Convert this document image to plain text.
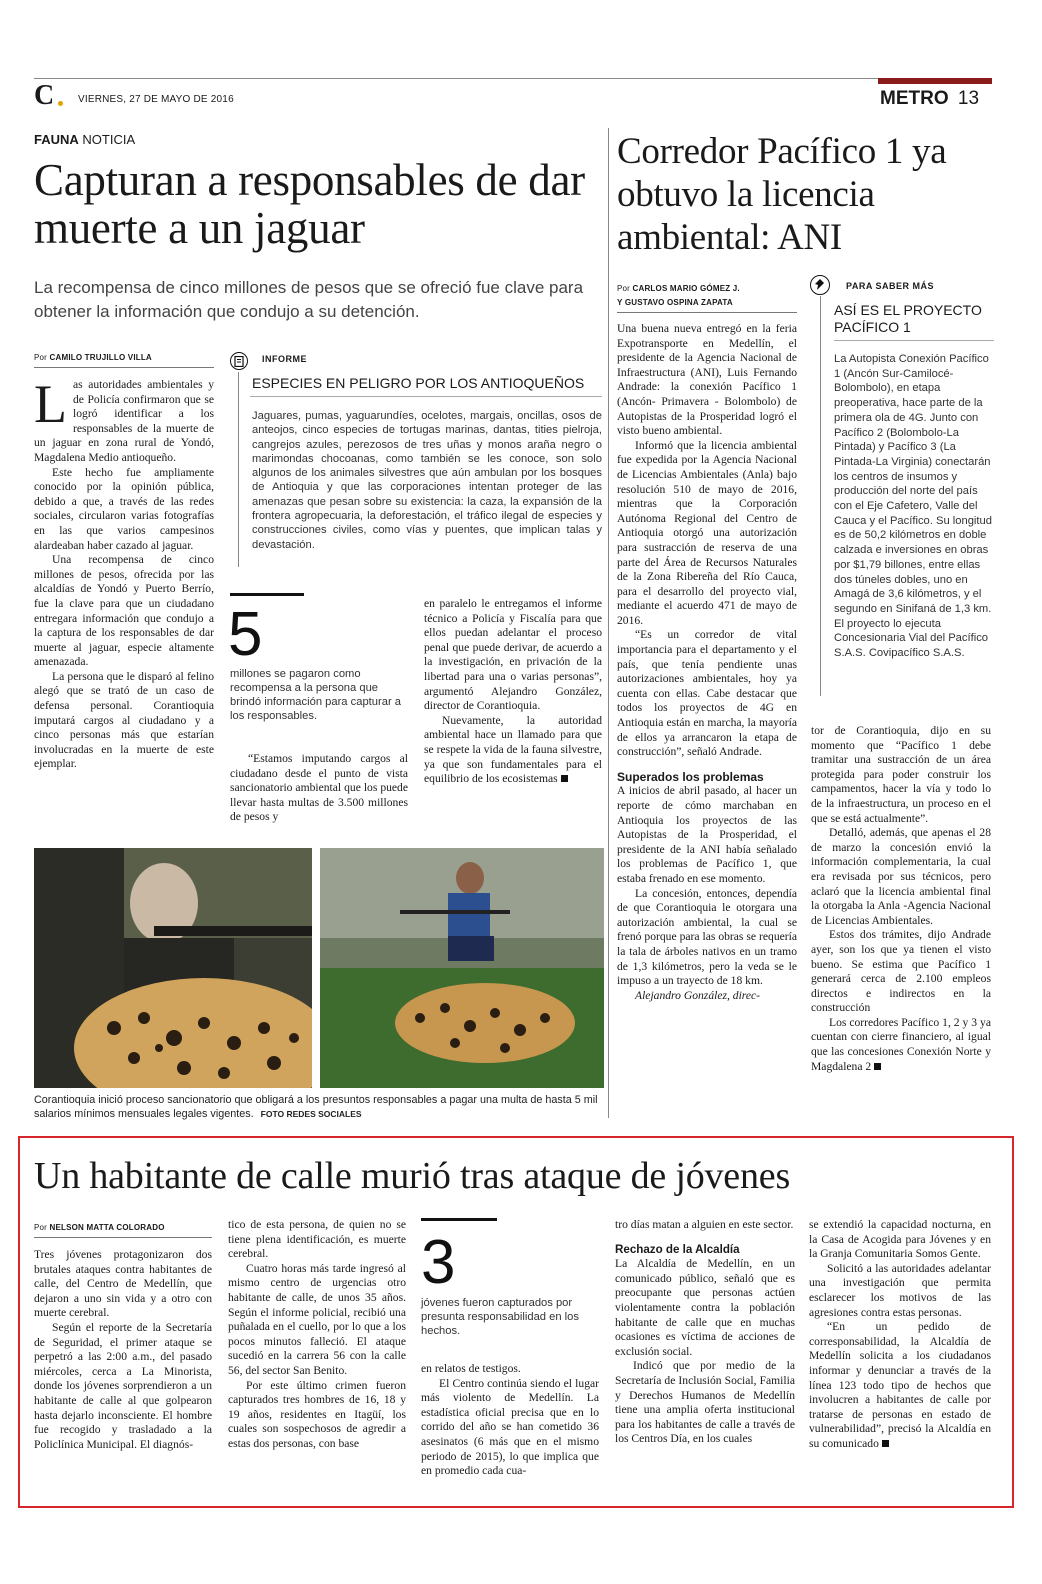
C VIERNES, 27 DE MAYO DE 2016	METRO 13
FAUNA NOTICIA
Capturan a responsables de dar muerte a un jaguar
La recompensa de cinco millones de pesos que se ofreció fue clave para obtener la información que condujo a su detención.
Por CAMILO TRUJILLO VILLA

Las autoridades ambientales y de Policía confirmaron que se logró identificar a los responsables de la muerte de un jaguar en zona rural de Yondó, Magdalena Medio antioqueño.

Este hecho fue ampliamente conocido por la opinión pública, debido a que, a través de las redes sociales, circularon varias fotografías en las que varios campesinos alardeaban haber cazado al jaguar.

Una recompensa de cinco millones de pesos, ofrecida por las alcaldías de Yondó y Puerto Berrío, fue la clave para que un ciudadano entregara información que condujo a la captura de los responsables de dar muerte al jaguar, especie altamente amenazada.

La persona que le disparó al felino alegó que se trató de un caso de defensa personal. Corantioquia imputará cargos al ciudadano y a cinco personas más que estarían involucradas en la muerte de este ejemplar.

INFORME
ESPECIES EN PELIGRO POR LOS ANTIOQUEÑOS
Jaguares, pumas, yaguarundíes, ocelotes, margais, oncillas, osos de anteojos, cinco especies de tortugas marinas, dantas, tities pielroja, cangrejos azules, perezosos de tres uñas y monos araña negro o marimondas chocoanas, como también se les conoce, son solo algunos de los animales silvestres que aún ambulan por los bosques de Antioquia y que las corporaciones intentan proteger de las amenazas que pesan sobre su existencia: la caza, la expansión de la frontera agropecuaria, la deforestación, el tráfico ilegal de especies y construcciones civiles, como vías y puentes, que implican talas y devastación.
5
millones se pagaron como recompensa a la persona que brindó información para capturar a los responsables.

“Estamos imputando cargos al ciudadano desde el punto de vista sancionatorio ambiental que los puede llevar hasta multas de 3.500 millones de pesos y

en paralelo le entregamos el informe técnico a Policía y Fiscalía para que ellos puedan adelantar el proceso penal que puede derivar, de acuerdo a la investigación, en privación de la libertad para una o varias personas”, argumentó Alejandro González, director de Corantioquia.

Nuevamente, la autoridad ambiental hace un llamado para que se respete la vida de la fauna silvestre, ya que son fundamentales para el equilibrio de los ecosistemas

Corantioquia inició proceso sancionatorio que obligará a los presuntos responsables a pagar una multa de hasta 5 mil salarios mínimos mensuales legales vigentes. FOTO REDES SOCIALES
Corredor Pacífico 1 ya obtuvo la licencia ambiental: ANI
Por CARLOS MARIO GÓMEZ J.
Y GUSTAVO OSPINA ZAPATA

Una buena nueva entregó en la feria Expotransporte en Medellín, el presidente de la Agencia Nacional de Infraestructura (ANI), Luis Fernando Andrade: la conexión Pacífico 1 (Ancón- Primavera - Bolombolo) de Autopistas de la Prosperidad logró el visto bueno ambiental.

Informó que la licencia ambiental fue expedida por la Agencia Nacional de Licencias Ambientales (Anla) bajo resolución 510 de mayo de 2016, mientras que la Corporación Autónoma Regional del Centro de Antioquia otorgó una autorización para sustracción de reserva de una parte del Área de Recursos Naturales de la Zona Ribereña del Río Cauca, para el desarrollo del proyecto vial, mediante el acuerdo 471 de mayo de 2016.

“Es un corredor de vital importancia para el departamento y el país, que tenía pendiente unas autorizaciones ambientales, hoy ya cuenta con ellas. Cabe destacar que todos los proyectos de 4G en Antioquia están en marcha, la mayoría de ellos ya arrancaron la etapa de construcción”, señaló Andrade.

Superados los problemas

A inicios de abril pasado, al hacer un reporte de cómo marchaban en Antioquia los proyectos de las Autopistas de la Prosperidad, el presidente de la ANI había señalado los problemas de Pacífico 1, que estaba frenado en ese momento.

La concesión, entonces, dependía de que Corantioquia le otorgara una autorización ambiental, la cual se frenó porque para las obras se requería la tala de árboles nativos en un tramo de 1,3 kilómetros, pero la veda se le impuso a un trayecto de 18 km.

Alejandro González, direc-

PARA SABER MÁS
ASÍ ES EL PROYECTO PACÍFICO 1
La Autopista Conexión Pacífico 1 (Ancón Sur-Camilocé-Bolombolo), en etapa preoperativa, hace parte de la primera ola de 4G. Junto con Pacífico 2 (Bolombolo-La Pintada) y Pacífico 3 (La Pintada-La Virginia) conectarán los centros de insumos y producción del norte del país con el Eje Cafetero, Valle del Cauca y el Pacífico. Su longitud es de 50,2 kilómetros en doble calzada e inversiones en obras por $1,79 billones, entre ellas dos túneles dobles, uno en Amagá de 3,6 kilómetros, y el segundo en Sinifaná de 1,3 km. El proyecto lo ejecuta Concesionaria Vial del Pacífico S.A.S. Covipacífico S.A.S.

tor de Corantioquia, dijo en su momento que “Pacífico 1 debe tramitar una sustracción de un área protegida para poder construir los campamentos, hacer la vía y todo lo de la infraestructura, un proceso en el que se está actualmente”.

Detalló, además, que apenas el 28 de marzo la concesión envió la información complementaria, la cual era revisada por sus técnicos, pero aclaró que la licencia ambiental final la otorgaba la Anla -Agencia Nacional de Licencias Ambientales.

Estos dos trámites, dijo Andrade ayer, son los que ya tienen el visto bueno. Se estima que Pacífico 1 generará cerca de 2.100 empleos directos e indirectos en la construcción

Los corredores Pacífico 1, 2 y 3 ya cuentan con cierre financiero, al igual que las concesiones Conexión Norte y Magdalena 2

Un habitante de calle murió tras ataque de jóvenes
Por NELSON MATTA COLORADO

Tres jóvenes protagonizaron dos brutales ataques contra habitantes de calle, del Centro de Medellín, que dejaron a uno sin vida y a otro con muerte cerebral.

Según el reporte de la Secretaría de Seguridad, el primer ataque se perpetró a las 2:00 a.m., del pasado miércoles, cerca a La Minorista, donde los jóvenes sorprendieron a un habitante de calle al que golpearon hasta dejarlo inconsciente. El hombre fue recogido y trasladado a la Policlínica Municipal. El diagnós-

tico de esta persona, de quien no se tiene plena identificación, es muerte cerebral.

Cuatro horas más tarde ingresó al mismo centro de urgencias otro habitante de calle, de unos 35 años. Según el informe policial, recibió una puñalada en el cuello, por lo que a los pocos minutos falleció. El ataque sucedió en la carrera 56 con la calle 56, del sector San Benito.

Por este último crimen fueron capturados tres hombres de 16, 18 y 19 años, residentes en Itagüí, los cuales son sospechosos de agredir a estas dos personas, con base

3
jóvenes fueron capturados por presunta responsabilidad en los hechos.

en relatos de testigos.

El Centro continúa siendo el lugar más violento de Medellín. La estadística oficial precisa que en lo corrido del año se han cometido 36 asesinatos (6 más que en el mismo periodo de 2015), lo que implica que en promedio cada cua-

tro días matan a alguien en este sector.

Rechazo de la Alcaldía

La Alcaldía de Medellín, en un comunicado público, señaló que es preocupante que personas actúen violentamente contra la población habitante de calle que en muchas ocasiones es víctima de acciones de exclusión social.

Indicó que por medio de la Secretaría de Inclusión Social, Familia y Derechos Humanos de Medellín tiene una amplia oferta institucional para los habitantes de calle a través de los Centros Día, en los cuales

se extendió la capacidad nocturna, en la Casa de Acogida para Jóvenes y en la Granja Comunitaria Somos Gente.

Solicitó a las autoridades adelantar una investigación que permita esclarecer los motivos de las agresiones contra estas personas.

“En un pedido de corresponsabilidad, la Alcaldía de Medellín solicita a los ciudadanos informar y denunciar a través de la línea 123 todo tipo de hechos que involucren a habitantes de calle por tratarse de personas en estado de vulnerabilidad”, precisó la Alcaldía en su comunicado
